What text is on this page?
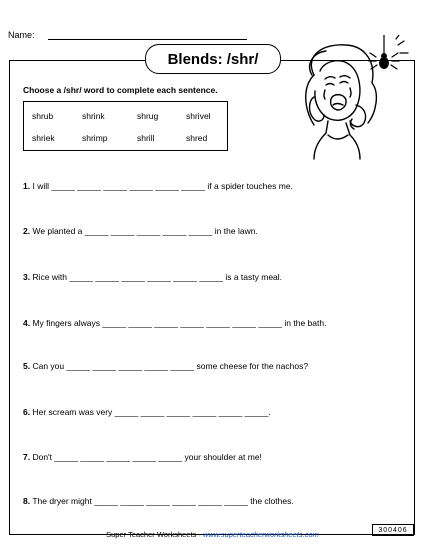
Name:
Blends: /shr/
Choose a /shr/ word to complete each sentence.
shrub	shrink	shrug	shrivel
shriek	shrimp	shrill	shred
1. I will _____ _____ _____ _____ _____ _____ if a spider touches me.
2. We planted a _____ _____ _____ _____ _____ in the lawn.
3. Rice with _____ _____ _____ _____ _____ _____ is a tasty meal.
4. My fingers always _____ _____ _____ _____ _____ _____ _____ in the bath.
5. Can you _____ _____ _____ _____ _____ some cheese for the nachos?
6. Her scream was very _____ _____ _____ _____ _____ _____.
7. Don't _____ _____ _____ _____ _____ your shoulder at me!
8. The dryer might _____ _____ _____ _____ _____ _____ the clothes.
Super Teacher Worksheets - www.superteacherworksheets.com	300406
